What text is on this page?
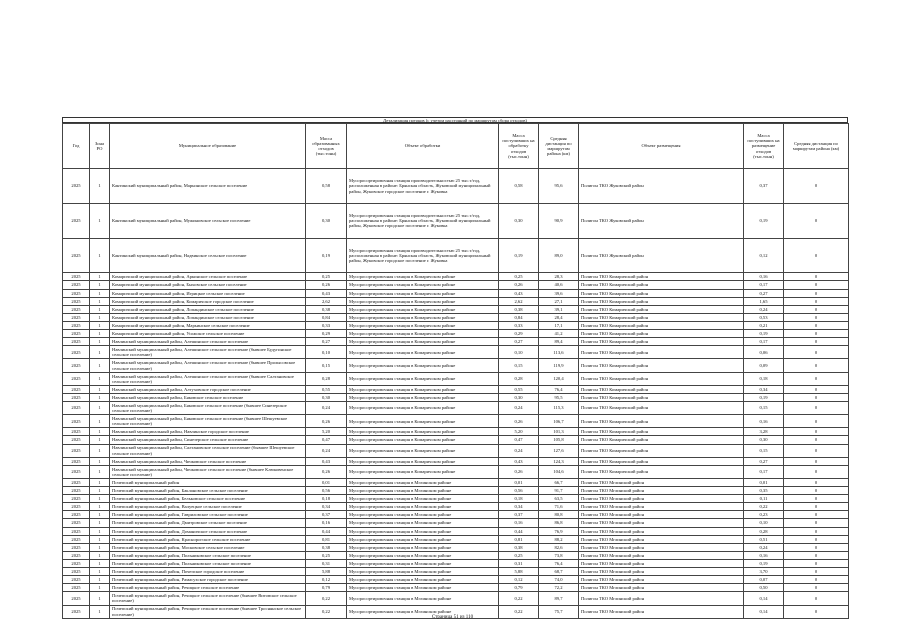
Детализация потоков (с учетом расстояний по маршрутам сбора отходов)
Год	Зона РО	Муниципальное образование	Масса образованных отходов (тыс.тонн)	Объект обработки	Масса поступивших на обработку отходов (тыс.тонн)	Средняя дистанция по маршрутам района (км)	Объект размещения	Масса поступивших на размещение отходов (тыс.тонн)	Средняя дистанция по маршрутам района (км)
2025	1	Кантинский муниципальный район, Марьинское сельское поселение	0,58	Мусоросортировочная станция производительностью 25 тыс.т/год, расположенная в районе: Брянская область, Жуковский муниципальный район, Жуковское городское поселение г. Жуковка	0,58	95,6	Полигон ТКО Жуковский район	0,37	0
2025	1	Кантинский муниципальный район, Мужиновское сельское поселение	0,30	Мусоросортировочная станция производительностью 25 тыс.т/год, расположенная в районе: Брянская область, Жуковский муниципальный район, Жуковское городское поселение г. Жуковка	0,30	90,9	Полигон ТКО Жуковский район	0,19	0
2025	1	Кантинский муниципальный район, Надвинское сельское поселение	0,19	Мусоросортировочная станция производительностью 25 тыс.т/год, расположенная в районе: Брянская область, Жуковский муниципальный район, Жуковское городское поселение г. Жуковка	0,19	89,0	Полигон ТКО Жуковский район	0,12	0
2025	1	Комаричский муниципальный район, Аркинское сельское поселение	0,25	Мусоросортировочная станция в Комаричском районе	0,25	28,3	Полигон ТКО Комаричский район	0,16	0
2025	1	Комаричский муниципальный район, Быховское сельское поселение	0,26	Мусоросортировочная станция в Комаричском районе	0,26	40,6	Полигон ТКО Комаричский район	0,17	0
2025	1	Комаричский муниципальный район, Игрицкое сельское поселение	0,43	Мусоросортировочная станция в Комаричском районе	0,43	39,6	Полигон ТКО Комаричский район	0,27	0
2025	1	Комаричский муниципальный район, Комаричское городское поселение	2,62	Мусоросортировочная станция в Комаричском районе	2,62	27,1	Полигон ТКО Комаричский район	1,65	0
2025	1	Комаричский муниципальный район, Лопандинское сельское поселение	0,38	Мусоросортировочная станция в Комаричском районе	0,38	39,1	Полигон ТКО Комаричский район	0,24	0
2025	1	Комаричский муниципальный район, Лопандинское сельское поселение	0,84	Мусоросортировочная станция в Комаричском районе	0,84	28,4	Полигон ТКО Комаричский район	0,53	0
2025	1	Комаричский муниципальный район, Марьинское сельское поселение	0,33	Мусоросортировочная станция в Комаричском районе	0,33	17,1	Полигон ТКО Комаричский район	0,21	0
2025	1	Комаричский муниципальный район, Усожское сельское поселение	0,29	Мусоросортировочная станция в Комаричском районе	0,29	41,2	Полигон ТКО Комаричский район	0,19	0
2025	1	Навлинский муниципальный район, Алешинское сельское поселение	0,27	Мусоросортировочная станция в Комаричском районе	0,27	89,4	Полигон ТКО Комаричский район	0,17	0
2025	1	Навлинский муниципальный район, Алешинское сельское поселение (бывшее Будугинское сельское поселение)	0,10	Мусоросортировочная станция в Комаричском районе	0,10	113,6	Полигон ТКО Комаричский район	0,06	0
2025	1	Навлинский муниципальный район, Алешинское сельское поселение (бывшее Пролысовское сельское поселение)	0,15	Мусоросортировочная станция в Комаричском районе	0,15	119,9	Полигон ТКО Комаричский район	0,09	0
2025	1	Навлинский муниципальный район, Алешинское сельское поселение (бывшее Салтановское сельское поселение)	0,28	Мусоросортировочная станция в Комаричском районе	0,28	120,4	Полигон ТКО Комаричский район	0,18	0
2025	1	Навлинский муниципальный район, Алтуховское городское поселение	0,55	Мусоросортировочная станция в Комаричском районе	0,55	76,4	Полигон ТКО Комаричский район	0,34	0
2025	1	Навлинский муниципальный район, Бяковское сельское поселение	0,30	Мусоросортировочная станция в Комаричском районе	0,30	95,5	Полигон ТКО Комаричский район	0,19	0
2025	1	Навлинский муниципальный район, Бяковское сельское поселение (бывшее Синезерское сельское поселение)	0,24	Мусоросортировочная станция в Комаричском районе	0,24	115,3	Полигон ТКО Комаричский район	0,15	0
2025	1	Навлинский муниципальный район, Бяковское сельское поселение (бывшее Шешуевское сельское поселение)	0,26	Мусоросортировочная станция в Комаричском районе	0,26	106,7	Полигон ТКО Комаричский район	0,16	0
2025	1	Навлинский муниципальный район, Навлинское городское поселение	5,20	Мусоросортировочная станция в Комаричском районе	5,20	101,3	Полигон ТКО Комаричский район	3,28	0
2025	1	Навлинский муниципальный район, Синезерское сельское поселение	0,47	Мусоросортировочная станция в Комаричском районе	0,47	105,8	Полигон ТКО Комаричский район	0,30	0
2025	1	Навлинский муниципальный район, Салтановское сельское поселение (бывшее Шешуевское сельское поселение)	0,24	Мусоросортировочная станция в Комаричском районе	0,24	127,6	Полигон ТКО Комаричский район	0,15	0
2025	1	Навлинский муниципальный район, Чичковское сельское поселение	0,43	Мусоросортировочная станция в Комаричском районе	0,43	124,3	Полигон ТКО Комаричский район	0,27	0
2025	1	Навлинский муниципальный район, Чичковское сельское поселение (бывшее Клюковенское сельское поселение)	0,26	Мусоросортировочная станция в Комаричском районе	0,26	104,6	Полигон ТКО Комаричский район	0,17	0
2025	1	Почепский муниципальный район	0,01	Мусоросортировочная станция в Мглинском районе	0,01	66,7	Полигон ТКО Мглинский район	0,01	0
2025	1	Почепский муниципальный район, Баклановское сельское поселение	0,56	Мусоросортировочная станция в Мглинском районе	0,56	91,7	Полигон ТКО Мглинский район	0,35	0
2025	1	Почепский муниципальный район, Бельковское сельское поселение	0,18	Мусоросортировочная станция в Мглинском районе	0,18	63,5	Полигон ТКО Мглинский район	0,11	0
2025	1	Почепский муниципальный район, Валуецкое сельское поселение	0,34	Мусоросортировочная станция в Мглинском районе	0,34	71,6	Полигон ТКО Мглинский район	0,22	0
2025	1	Почепский муниципальный район, Гавриловское сельское поселение	0,37	Мусоросортировочная станция в Мглинском районе	0,37	80,8	Полигон ТКО Мглинский район	0,23	0
2025	1	Почепский муниципальный район, Дмитровское сельское поселение	0,16	Мусоросортировочная станция в Мглинском районе	0,16	86,8	Полигон ТКО Мглинский район	0,10	0
2025	1	Почепский муниципальный район, Доманичское сельское поселение	0,44	Мусоросортировочная станция в Мглинском районе	0,44	76,9	Полигон ТКО Мглинский район	0,28	0
2025	1	Почепский муниципальный район, Краснорогское сельское поселение	0,81	Мусоросортировочная станция в Мглинском районе	0,81	88,2	Полигон ТКО Мглинский район	0,51	0
2025	1	Почепский муниципальный район, Московское сельское поселение	0,38	Мусоросортировочная станция в Мглинском районе	0,38	82,6	Полигон ТКО Мглинский район	0,24	0
2025	1	Почепский муниципальный район, Польниковское сельское поселение	0,25	Мусоросортировочная станция в Мглинском районе	0,25	73,8	Полигон ТКО Мглинский район	0,16	0
2025	1	Почепский муниципальный район, Польниковское сельское поселение	0,31	Мусоросортировочная станция в Мглинском районе	0,31	76,4	Полигон ТКО Мглинский район	0,19	0
2025	1	Почепский муниципальный район, Почепское городское поселение	5,88	Мусоросортировочная станция в Мглинском районе	5,88	68,7	Полигон ТКО Мглинский район	3,70	0
2025	1	Почепский муниципальный район, Рамасухское городское поселение	0,12	Мусоросортировочная станция в Мглинском районе	0,12	74,0	Полигон ТКО Мглинский район	0,07	0
2025	1	Почепский муниципальный район, Речицкое сельское поселение	0,79	Мусоросортировочная станция в Мглинском районе	0,79	72,2	Полигон ТКО Мглинский район	0,50	0
2025	1	Почепский муниципальный район, Речицкое сельское поселение (бывшее Витовское сельское поселение)	0,22	Мусоросортировочная станция в Мглинском районе	0,22	89,7	Полигон ТКО Мглинский район	0,14	0
2025	1	Почепский муниципальный район, Речицкое сельское поселение (бывшее Троснянское сельское поселение)	0,22	Мусоросортировочная станция в Мглинском районе	0,22	75,7	Полигон ТКО Мглинский район	0,14	0
Страница 51 из 110
